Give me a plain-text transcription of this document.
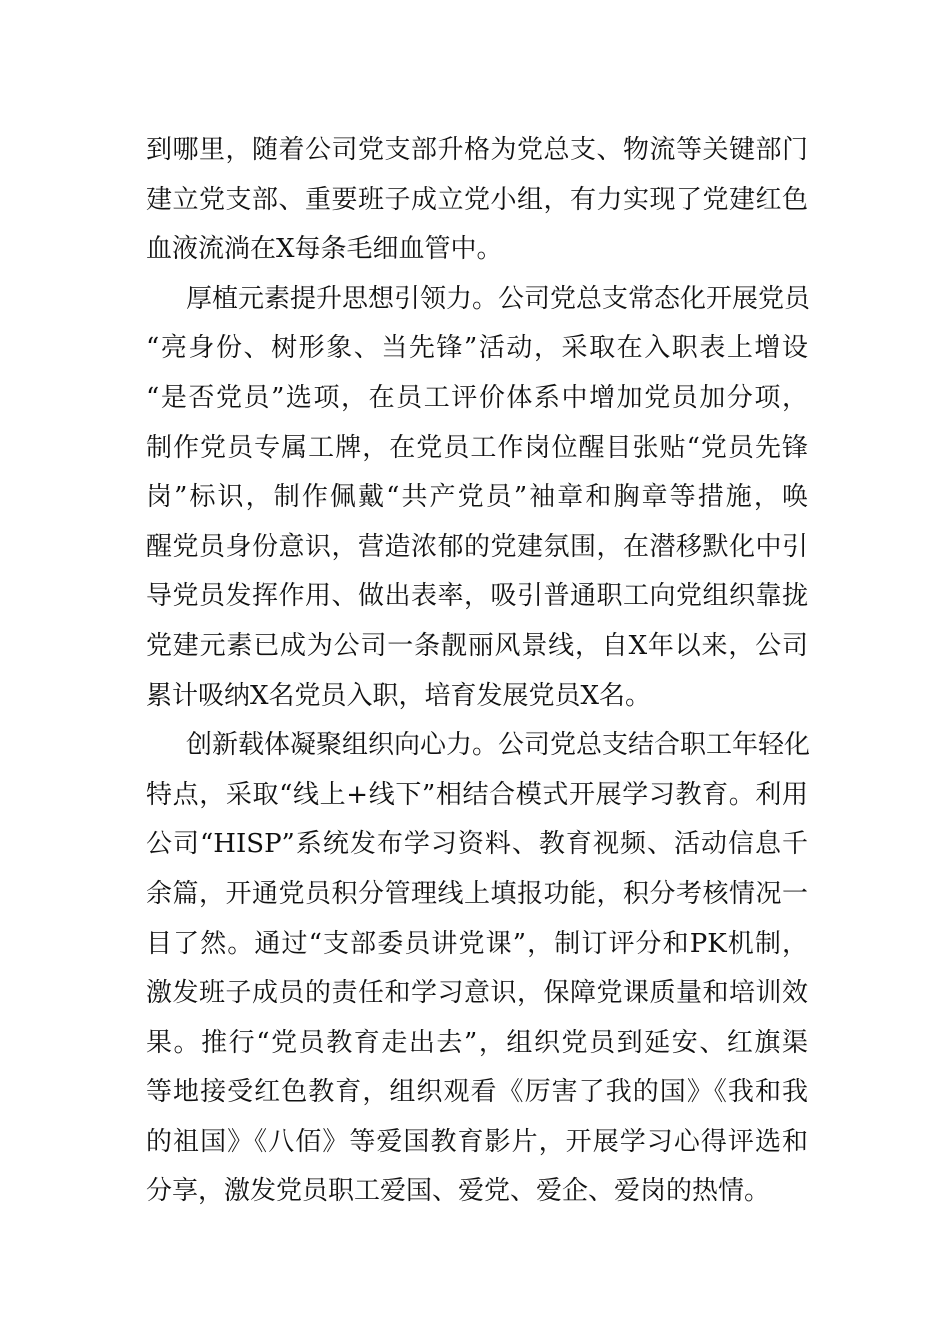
到哪里，随着公司党支部升格为党总支、物流等关键部门
建立党支部、重要班子成立党小组，有力实现了党建红色
血液流淌在X每条毛细血管中。
厚植元素提升思想引领力。公司党总支常态化开展党员
“亮身份、树形象、当先锋”活动，采取在入职表上增设
“是否党员”选项，在员工评价体系中增加党员加分项，
制作党员专属工牌，在党员工作岗位醒目张贴“党员先锋
岗”标识，制作佩戴“共产党员”袖章和胸章等措施，唤
醒党员身份意识，营造浓郁的党建氛围，在潜移默化中引
导党员发挥作用、做出表率，吸引普通职工向党组织靠拢
党建元素已成为公司一条靓丽风景线，自X年以来，公司
累计吸纳X名党员入职，培育发展党员X名。
创新载体凝聚组织向心力。公司党总支结合职工年轻化
特点，采取“线上+线下”相结合模式开展学习教育。利用
公司“HISP”系统发布学习资料、教育视频、活动信息千
余篇，开通党员积分管理线上填报功能，积分考核情况一
目了然。通过“支部委员讲党课”，制订评分和PK机制，
激发班子成员的责任和学习意识，保障党课质量和培训效
果。推行“党员教育走出去”，组织党员到延安、红旗渠
等地接受红色教育，组织观看《厉害了我的国》《我和我
的祖国》《八佰》等爱国教育影片，开展学习心得评选和
分享，激发党员职工爱国、爱党、爱企、爱岗的热情。
